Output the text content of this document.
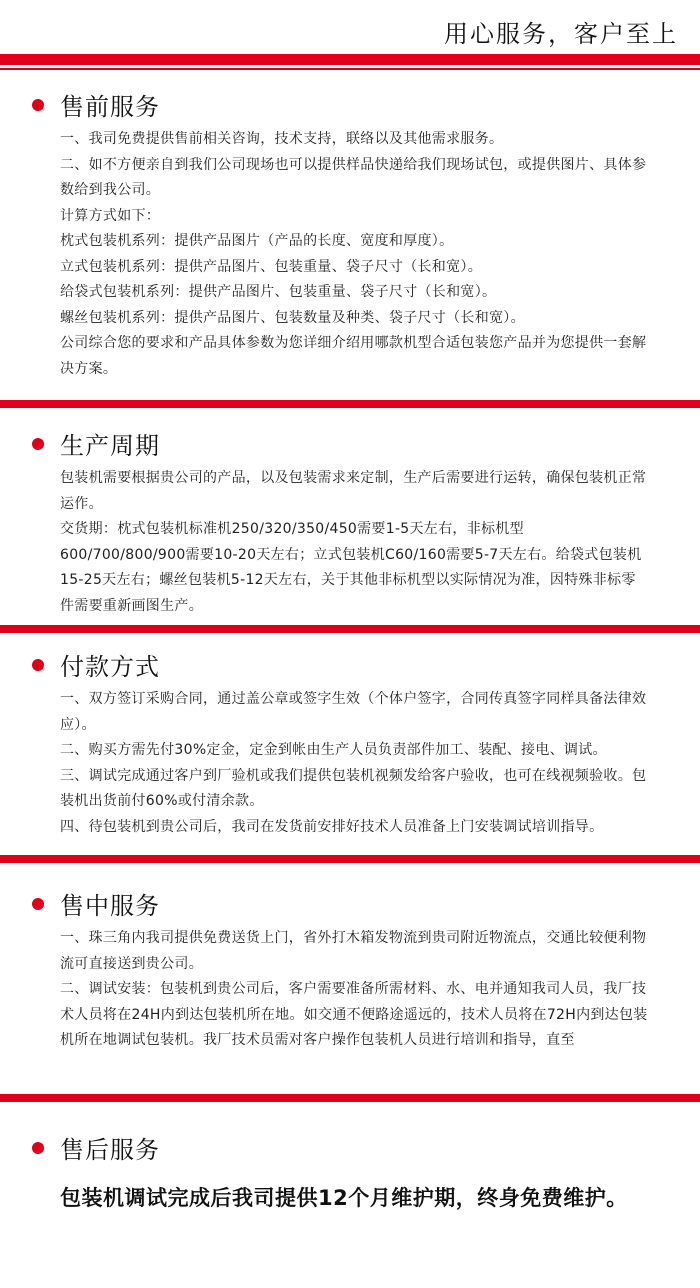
用心服务，客户至上
售前服务

一、我司免费提供售前相关咨询，技术支持，联络以及其他需求服务。

二、如不方便亲自到我们公司现场也可以提供样品快递给我们现场试包，或提供图片、具体参数给到我公司。

计算方式如下：

枕式包装机系列：提供产品图片（产品的长度、宽度和厚度）。

立式包装机系列：提供产品图片、包装重量、袋子尺寸（长和宽）。

给袋式包装机系列：提供产品图片、包装重量、袋子尺寸（长和宽）。

螺丝包装机系列：提供产品图片、包装数量及种类、袋子尺寸（长和宽）。

公司综合您的要求和产品具体参数为您详细介绍用哪款机型合适包装您产品并为您提供一套解决方案。

生产周期

包装机需要根据贵公司的产品，以及包装需求来定制，生产后需要进行运转，确保包装机正常运作。

交货期：枕式包装机标准机250/320/350/450需要1-5天左右，非标机型600/700/800/900需要10-20天左右；立式包装机C60/160需要5-7天左右。给袋式包装机15-25天左右；螺丝包装机5-12天左右，关于其他非标机型以实际情况为准，因特殊非标零件需要重新画图生产。

付款方式

一、双方签订采购合同，通过盖公章或签字生效（个体户签字，合同传真签字同样具备法律效应）。

二、购买方需先付30%定金，定金到帐由生产人员负责部件加工、装配、接电、调试。

三、调试完成通过客户到厂验机或我们提供包装机视频发给客户验收，也可在线视频验收。包装机出货前付60%或付清余款。

四、待包装机到贵公司后，我司在发货前安排好技术人员准备上门安装调试培训指导。

售中服务

一、珠三角内我司提供免费送货上门，省外打木箱发物流到贵司附近物流点，交通比较便利物流可直接送到贵公司。

二、调试安装：包装机到贵公司后，客户需要准备所需材料、水、电并通知我司人员，我厂技术人员将在24H内到达包装机所在地。如交通不便路途遥远的，技术人员将在72H内到达包装机所在地调试包装机。我厂技术员需对客户操作包装机人员进行培训和指导，直至

售后服务

包装机调试完成后我司提供12个月维护期，终身免费维护。
